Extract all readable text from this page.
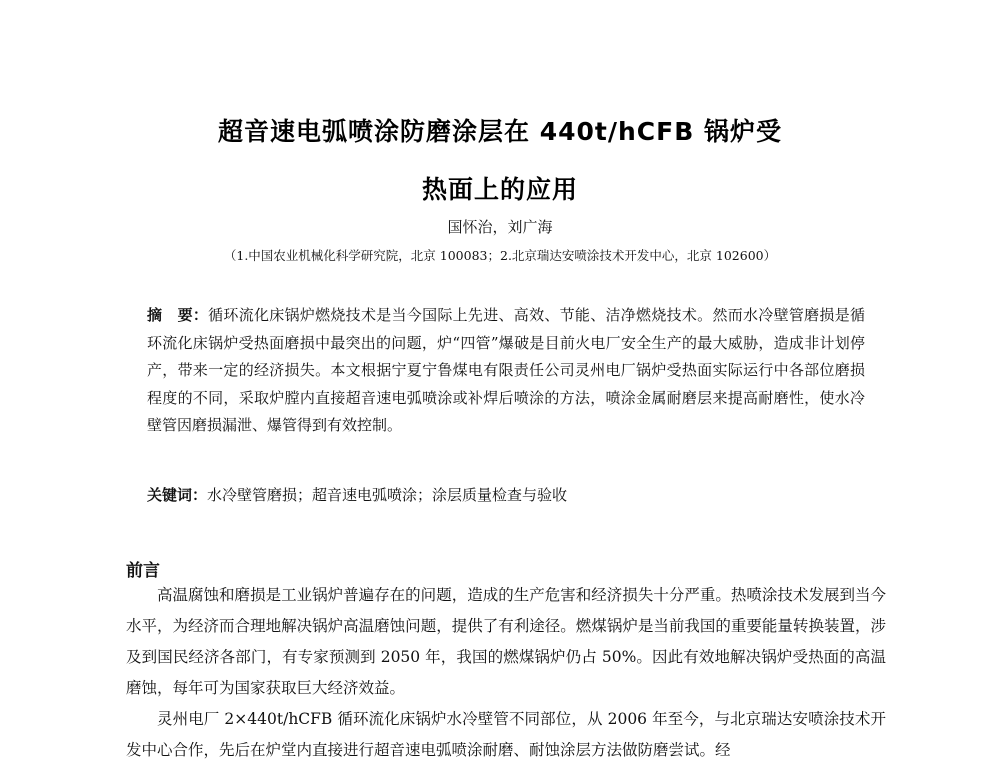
超音速电弧喷涂防磨涂层在 440t/hCFB 锅炉受
热面上的应用
国怀治，刘广海
（1.中国农业机械化科学研究院，北京 100083；2.北京瑞达安喷涂技术开发中心，北京 102600）
摘　要：循环流化床锅炉燃烧技术是当今国际上先进、高效、节能、洁净燃烧技术。然而水冷壁管磨损是循环流化床锅炉受热面磨损中最突出的问题，炉“四管”爆破是目前火电厂安全生产的最大威胁，造成非计划停产，带来一定的经济损失。本文根据宁夏宁鲁煤电有限责任公司灵州电厂锅炉受热面实际运行中各部位磨损程度的不同，采取炉膛内直接超音速电弧喷涂或补焊后喷涂的方法，喷涂金属耐磨层来提高耐磨性，使水冷壁管因磨损漏泄、爆管得到有效控制。
关键词：水冷壁管磨损；超音速电弧喷涂；涂层质量检查与验收
前言

高温腐蚀和磨损是工业锅炉普遍存在的问题，造成的生产危害和经济损失十分严重。热喷涂技术发展到当今水平，为经济而合理地解决锅炉高温磨蚀问题，提供了有利途径。燃煤锅炉是当前我国的重要能量转换装置，涉及到国民经济各部门，有专家预测到 2050 年，我国的燃煤锅炉仍占 50%。因此有效地解决锅炉受热面的高温磨蚀，每年可为国家获取巨大经济效益。

灵州电厂 2×440t/hCFB 循环流化床锅炉水冷壁管不同部位，从 2006 年至今，与北京瑞达安喷涂技术开发中心合作，先后在炉堂内直接进行超音速电弧喷涂耐磨、耐蚀涂层方法做防磨尝试。经
